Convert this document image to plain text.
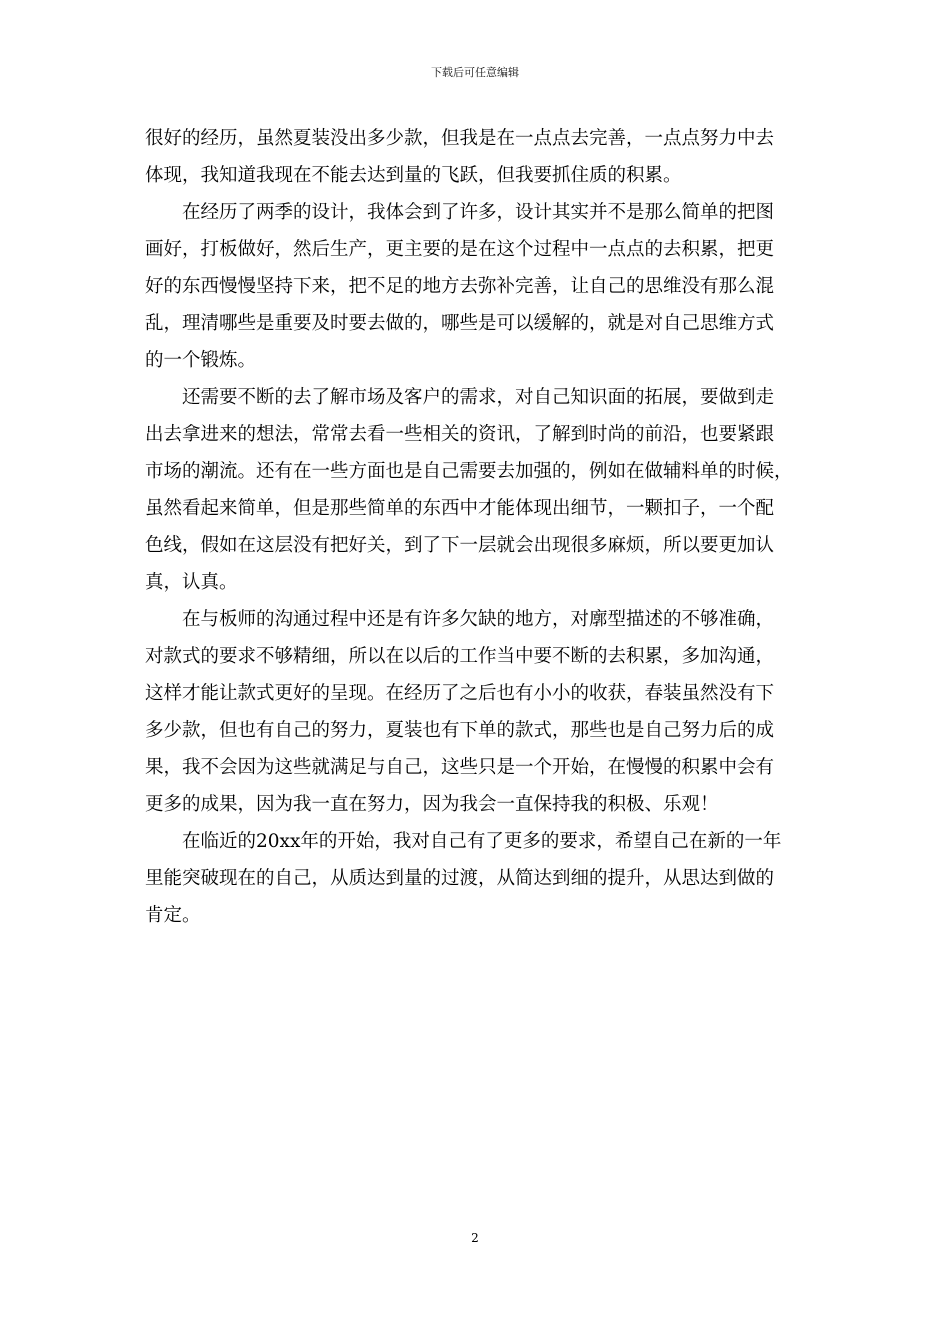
下载后可任意编辑
很好的经历，虽然夏装没出多少款，但我是在一点点去完善，一点点努力中去
体现，我知道我现在不能去达到量的飞跃，但我要抓住质的积累。
在经历了两季的设计，我体会到了许多，设计其实并不是那么简单的把图
画好，打板做好，然后生产，更主要的是在这个过程中一点点的去积累，把更
好的东西慢慢坚持下来，把不足的地方去弥补完善，让自己的思维没有那么混
乱，理清哪些是重要及时要去做的，哪些是可以缓解的，就是对自己思维方式
的一个锻炼。
还需要不断的去了解市场及客户的需求，对自己知识面的拓展，要做到走
出去拿进来的想法，常常去看一些相关的资讯，了解到时尚的前沿，也要紧跟
市场的潮流。还有在一些方面也是自己需要去加强的，例如在做辅料单的时候，
虽然看起来简单，但是那些简单的东西中才能体现出细节，一颗扣子，一个配
色线，假如在这层没有把好关，到了下一层就会出现很多麻烦，所以要更加认
真，认真。
在与板师的沟通过程中还是有许多欠缺的地方，对廓型描述的不够准确，
对款式的要求不够精细，所以在以后的工作当中要不断的去积累，多加沟通，
这样才能让款式更好的呈现。在经历了之后也有小小的收获，春装虽然没有下
多少款，但也有自己的努力，夏装也有下单的款式，那些也是自己努力后的成
果，我不会因为这些就满足与自己，这些只是一个开始，在慢慢的积累中会有
更多的成果，因为我一直在努力，因为我会一直保持我的积极、乐观！
在临近的20xx年的开始，我对自己有了更多的要求，希望自己在新的一年
里能突破现在的自己，从质达到量的过渡，从简达到细的提升，从思达到做的
肯定。
2
